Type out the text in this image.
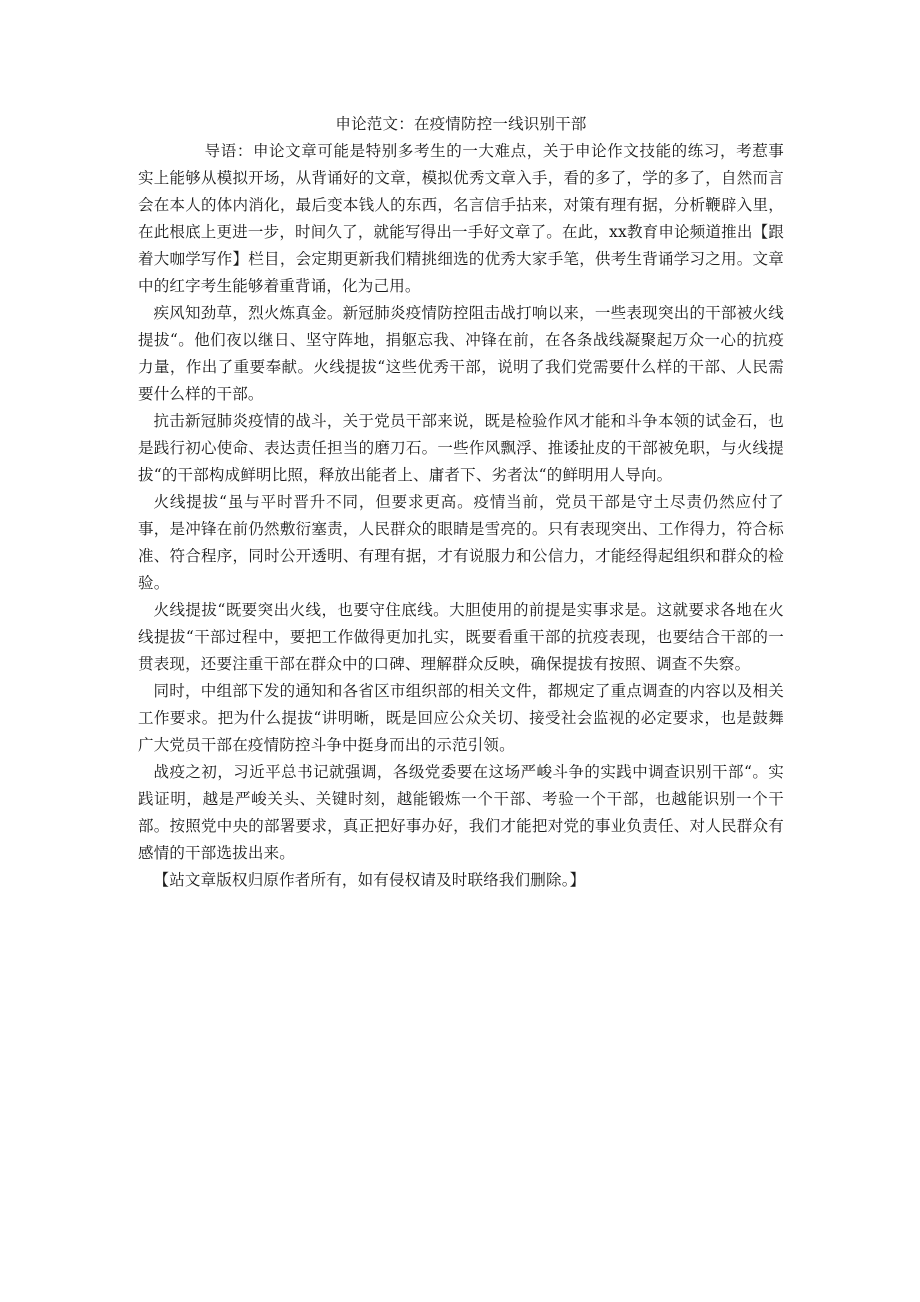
申论范文：在疫情防控一线识别干部

导语：申论文章可能是特别多考生的一大难点，关于申论作文技能的练习，考惹事实上能够从模拟开场，从背诵好的文章，模拟优秀文章入手，看的多了，学的多了，自然而言会在本人的体内消化，最后变本钱人的东西，名言信手拈来，对策有理有据，分析鞭辟入里，在此根底上更进一步，时间久了，就能写得出一手好文章了。在此，xx教育申论频道推出【跟着大咖学写作】栏目，会定期更新我们精挑细选的优秀大家手笔，供考生背诵学习之用。文章中的红字考生能够着重背诵，化为己用。

疾风知劲草，烈火炼真金。新冠肺炎疫情防控阻击战打响以来，一些表现突出的干部被火线提拔“。他们夜以继日、坚守阵地，捐躯忘我、冲锋在前，在各条战线凝聚起万众一心的抗疫力量，作出了重要奉献。火线提拔“这些优秀干部，说明了我们党需要什么样的干部、人民需要什么样的干部。

抗击新冠肺炎疫情的战斗，关于党员干部来说，既是检验作风才能和斗争本领的试金石，也是践行初心使命、表达责任担当的磨刀石。一些作风飘浮、推诿扯皮的干部被免职，与火线提拔“的干部构成鲜明比照，释放出能者上、庸者下、劣者汰“的鲜明用人导向。

火线提拔“虽与平时晋升不同，但要求更高。疫情当前，党员干部是守土尽责仍然应付了事，是冲锋在前仍然敷衍塞责，人民群众的眼睛是雪亮的。只有表现突出、工作得力，符合标准、符合程序，同时公开透明、有理有据，才有说服力和公信力，才能经得起组织和群众的检验。

火线提拔“既要突出火线，也要守住底线。大胆使用的前提是实事求是。这就要求各地在火线提拔“干部过程中，要把工作做得更加扎实，既要看重干部的抗疫表现，也要结合干部的一贯表现，还要注重干部在群众中的口碑、理解群众反映，确保提拔有按照、调查不失察。

同时，中组部下发的通知和各省区市组织部的相关文件，都规定了重点调查的内容以及相关工作要求。把为什么提拔“讲明晰，既是回应公众关切、接受社会监视的必定要求，也是鼓舞广大党员干部在疫情防控斗争中挺身而出的示范引领。

战疫之初，习近平总书记就强调，各级党委要在这场严峻斗争的实践中调查识别干部“。实践证明，越是严峻关头、关键时刻，越能锻炼一个干部、考验一个干部，也越能识别一个干部。按照党中央的部署要求，真正把好事办好，我们才能把对党的事业负责任、对人民群众有感情的干部选拔出来。

【站文章版权归原作者所有，如有侵权请及时联络我们删除。】
